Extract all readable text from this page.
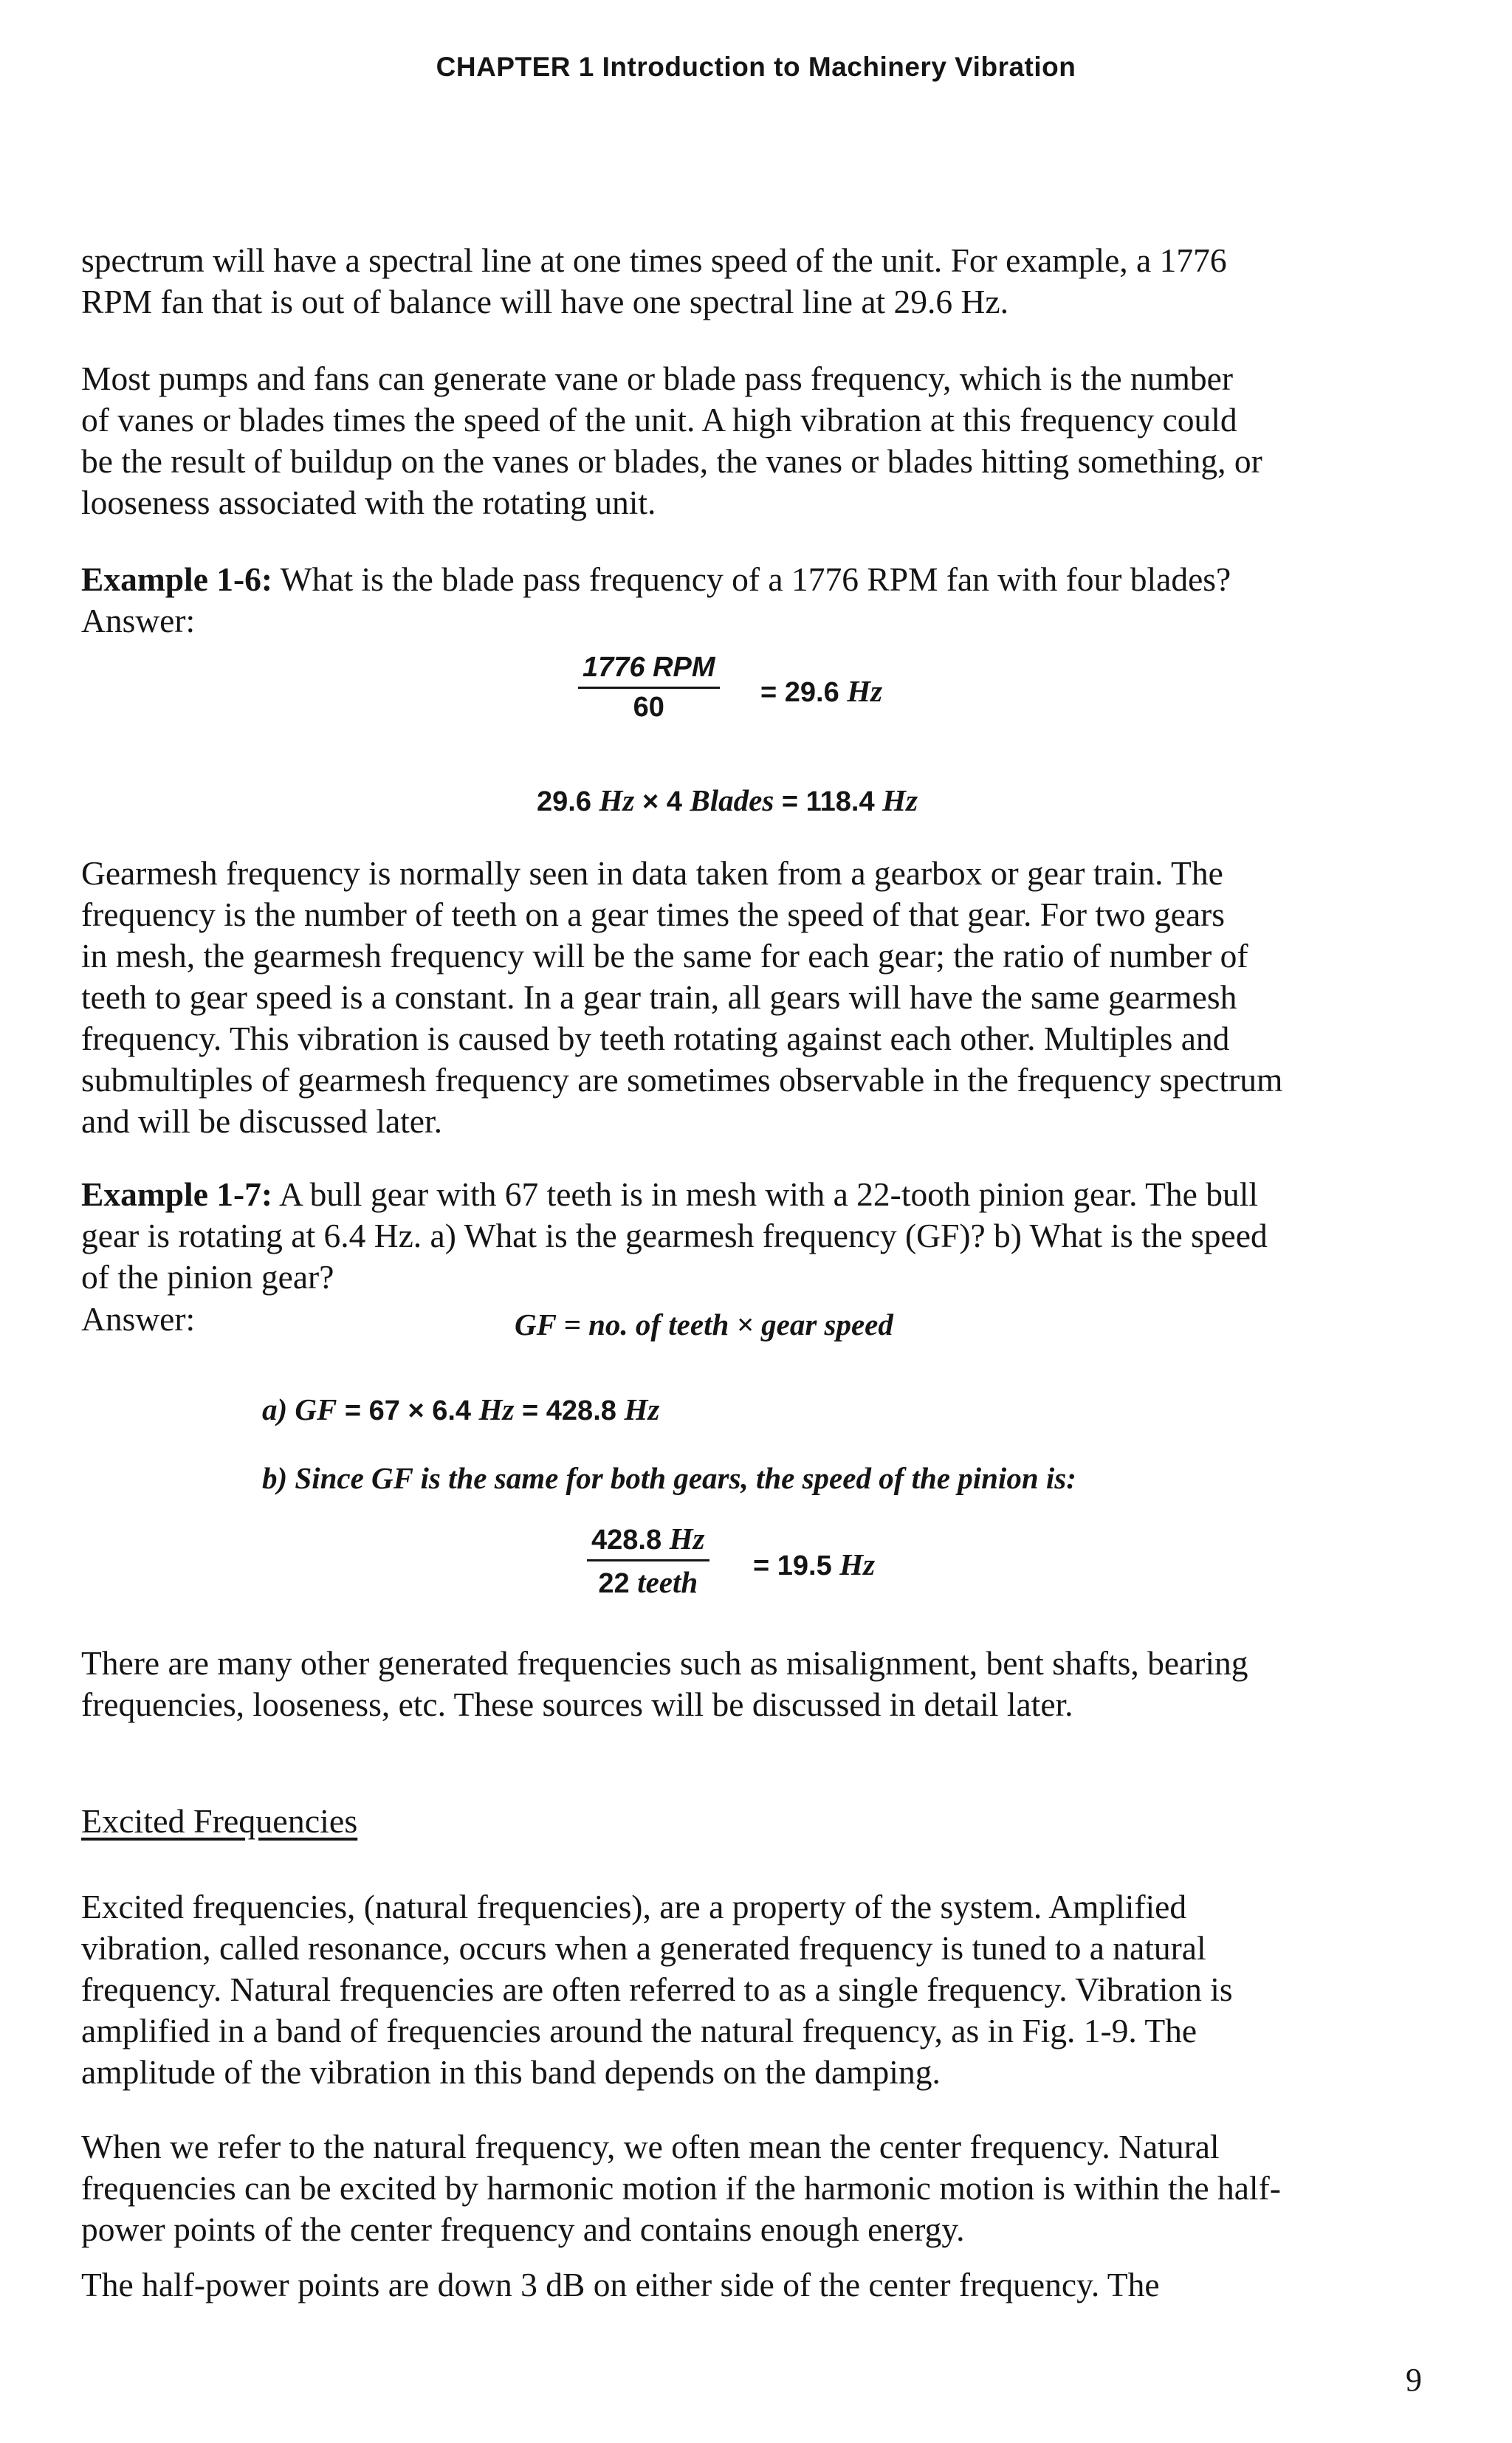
CHAPTER 1 Introduction to Machinery Vibration
spectrum will have a spectral line at one times speed of the unit. For example, a 1776
RPM fan that is out of balance will have one spectral line at 29.6 Hz.
Most pumps and fans can generate vane or blade pass frequency, which is the number
of vanes or blades times the speed of the unit. A high vibration at this frequency could
be the result of buildup on the vanes or blades, the vanes or blades hitting something, or
looseness associated with the rotating unit.
Example 1-6: What is the blade pass frequency of a 1776 RPM fan with four blades?
Answer:
1776 RPM
60	= 29.6 Hz
29.6 Hz × 4 Blades = 118.4 Hz
Gearmesh frequency is normally seen in data taken from a gearbox or gear train. The
frequency is the number of teeth on a gear times the speed of that gear. For two gears
in mesh, the gearmesh frequency will be the same for each gear; the ratio of number of
teeth to gear speed is a constant. In a gear train, all gears will have the same gearmesh
frequency. This vibration is caused by teeth rotating against each other. Multiples and
submultiples of gearmesh frequency are sometimes observable in the frequency spectrum
and will be discussed later.
Example 1-7: A bull gear with 67 teeth is in mesh with a 22-tooth pinion gear. The bull
gear is rotating at 6.4 Hz. a) What is the gearmesh frequency (GF)? b) What is the speed
of the pinion gear?
Answer:	GF = no. of teeth × gear speed
a) GF = 67 × 6.4 Hz = 428.8 Hz
b) Since GF is the same for both gears, the speed of the pinion is:
428.8 Hz
22 teeth	= 19.5 Hz
There are many other generated frequencies such as misalignment, bent shafts, bearing
frequencies, looseness, etc. These sources will be discussed in detail later.
Excited Frequencies
Excited frequencies, (natural frequencies), are a property of the system. Amplified
vibration, called resonance, occurs when a generated frequency is tuned to a natural
frequency. Natural frequencies are often referred to as a single frequency. Vibration is
amplified in a band of frequencies around the natural frequency, as in Fig. 1-9. The
amplitude of the vibration in this band depends on the damping.
When we refer to the natural frequency, we often mean the center frequency. Natural
frequencies can be excited by harmonic motion if the harmonic motion is within the half-
power points of the center frequency and contains enough energy.
The half-power points are down 3 dB on either side of the center frequency. The
9
